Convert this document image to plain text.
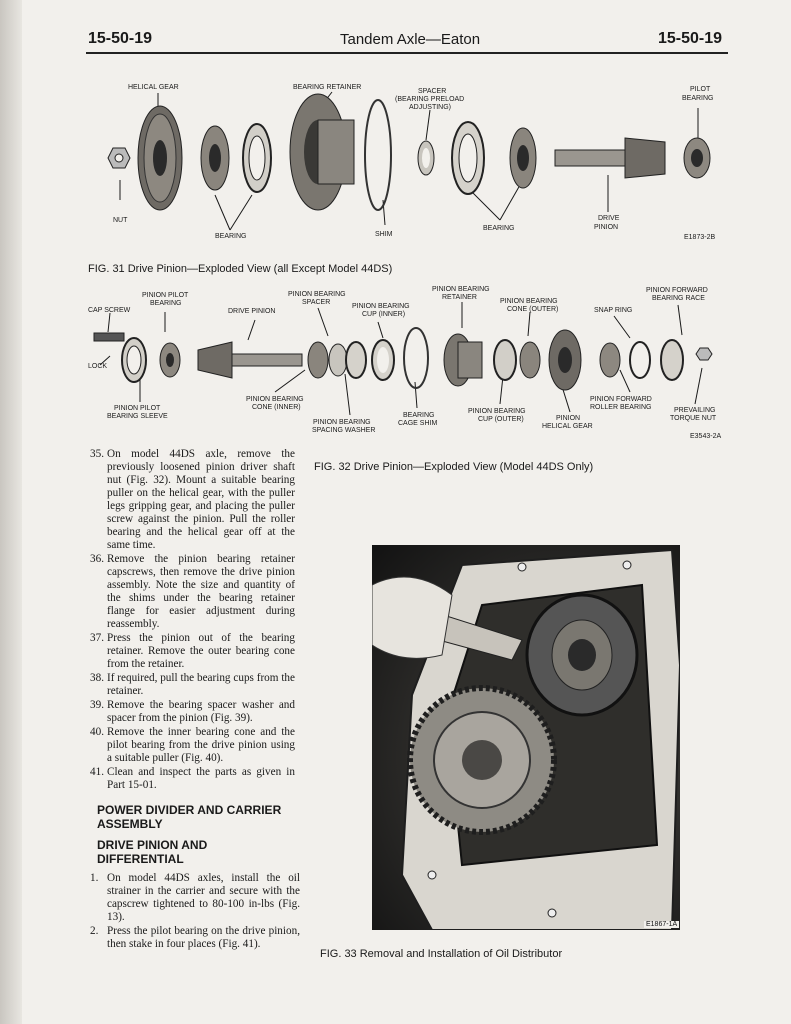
15-50-19	Tandem Axle—Eaton	15-50-19
HELICAL GEAR	BEARING RETAINER
SPACER
(BEARING PRELOAD
ADJUSTING)
PILOT
BEARING
NUT
BEARING	SHIM
BEARING
DRIVE
PINION
E1873-2B
FIG. 31 Drive Pinion—Exploded View (all Except Model 44DS)
PINION PILOT
BEARING
CAP SCREW	DRIVE PINION
PINION BEARING
SPACER
PINION BEARING
CUP (INNER)
PINION BEARING
RETAINER
PINION BEARING
CONE (OUTER)	SNAP RING
PINION FORWARD
BEARING RACE
LOCK
PINION PILOT
BEARING SLEEVE
PINION BEARING
CONE (INNER)
PINION BEARING
SPACING WASHER
BEARING
CAGE SHIM
PINION BEARING
CUP (OUTER)	PINION
HELICAL GEAR
PINION FORWARD
ROLLER BEARING	PREVAILING
TORQUE NUT
E3543-2A
FIG. 32 Drive Pinion—Exploded View (Model 44DS Only)
35. On model 44DS axle, remove the previously loosened pinion driver shaft nut (Fig. 32). Mount a suitable bearing puller on the helical gear, with the puller legs gripping gear, and placing the puller screw against the pinion. Pull the roller bearing and the helical gear off at the same time.
36. Remove the pinion bearing retainer capscrews, then remove the drive pinion assembly. Note the size and quantity of the shims under the bearing retainer flange for easier adjustment during reassembly.
37. Press the pinion out of the bearing retainer. Remove the outer bearing cone from the retainer.
38. If required, pull the bearing cups from the retainer.
39. Remove the bearing spacer washer and spacer from the pinion (Fig. 39).
40. Remove the inner bearing cone and the pilot bearing from the drive pinion using a suitable puller (Fig. 40).
41. Clean and inspect the parts as given in Part 15-01.
POWER DIVIDER AND CARRIER ASSEMBLY
DRIVE PINION AND DIFFERENTIAL
1. On model 44DS axles, install the oil strainer in the carrier and secure with the capscrew tightened to 80-100 in-lbs (Fig. 13).
2. Press the pilot bearing on the drive pinion, then stake in four places (Fig. 41).
E1867-1A
FIG. 33 Removal and Installation of Oil Distributor
